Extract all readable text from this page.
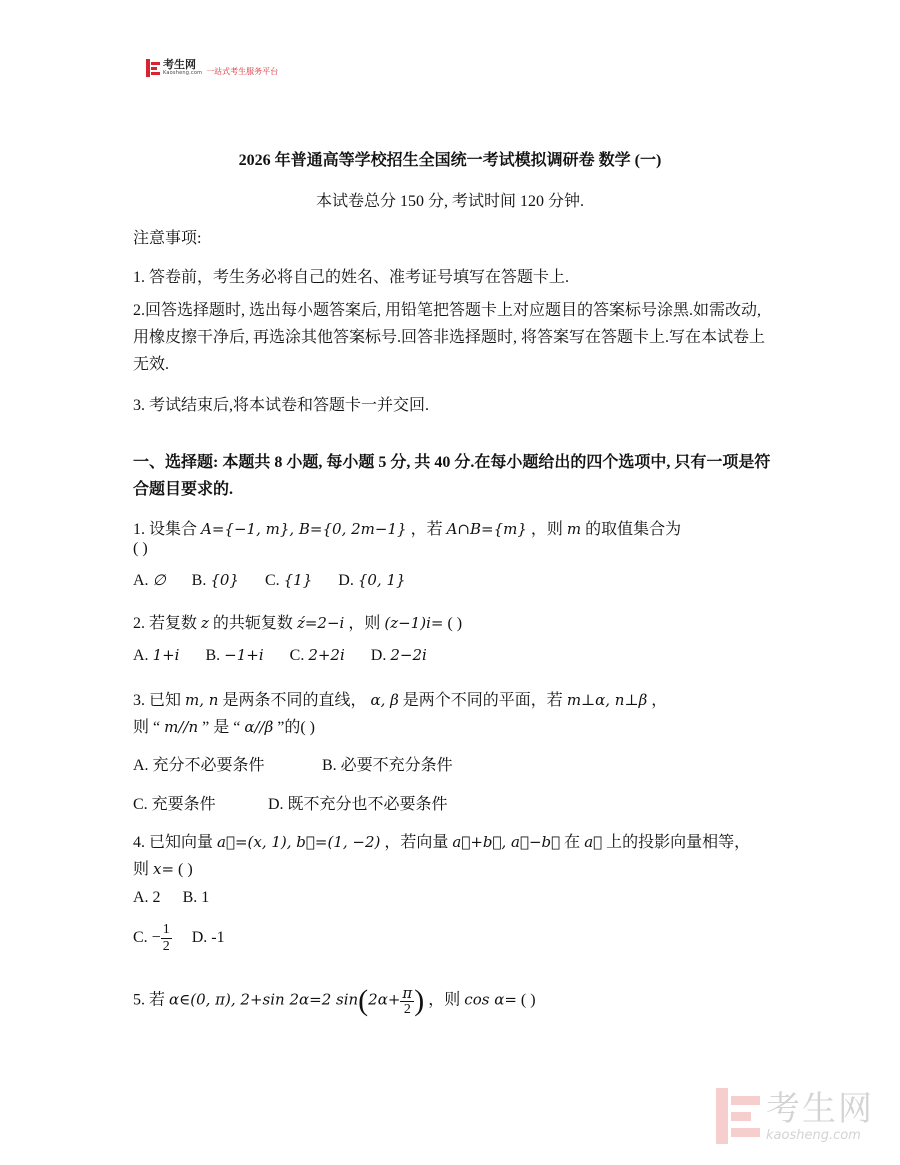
考生网
Kaosheng.com 一站式考生服务平台
2026 年普通高等学校招生全国统一考试模拟调研卷 数学 (一)
本试卷总分 150 分, 考试时间 120 分钟.
注意事项:
1. 答卷前，考生务必将自己的姓名、准考证号填写在答题卡上.
2.回答选择题时, 选出每小题答案后, 用铅笔把答题卡上对应题目的答案标号涂黑.如需改动, 用橡皮擦干净后, 再选涂其他答案标号.回答非选择题时, 将答案写在答题卡上.写在本试卷上无效.
3. 考试结束后,将本试卷和答题卡一并交回.
一、选择题: 本题共 8 小题, 每小题 5 分, 共 40 分.在每小题给出的四个选项中, 只有一项是符合题目要求的.
1. 设集合 A={−1, m}, B={0, 2m−1} ，若 A∩B={m} ，则 m 的取值集合为
( )
A. ∅ B. {0} C. {1} D. {0, 1}
2. 若复数 z 的共轭复数 ź=2−i ，则 (z−1)i= ( )
A. 1+i B. −1+i C. 2+2i D. 2−2i
3. 已知 m, n 是两条不同的直线， α, β 是两个不同的平面，若 m⊥α, n⊥β ，
则 “ m//n ” 是 “ α//β ”的( )
A. 充分不必要条件	B. 必要不充分条件
C. 充要条件	D. 既不充分也不必要条件
4. 已知向量 a⃗=(x, 1), b⃗=(1, −2) ，若向量 a⃗+b⃗, a⃗−b⃗ 在 a⃗ 上的投影向量相等，
则 x= ( )
A. 2 B. 1
C. − $\frac{1}{2} D$. -1
5. 若 α∈(0, π), 2+sin 2α=2 $\sin(2\alpha+ \frac{\pi}{2}$ ) ，则 cos α= ( )
考生网
kaosheng.com
